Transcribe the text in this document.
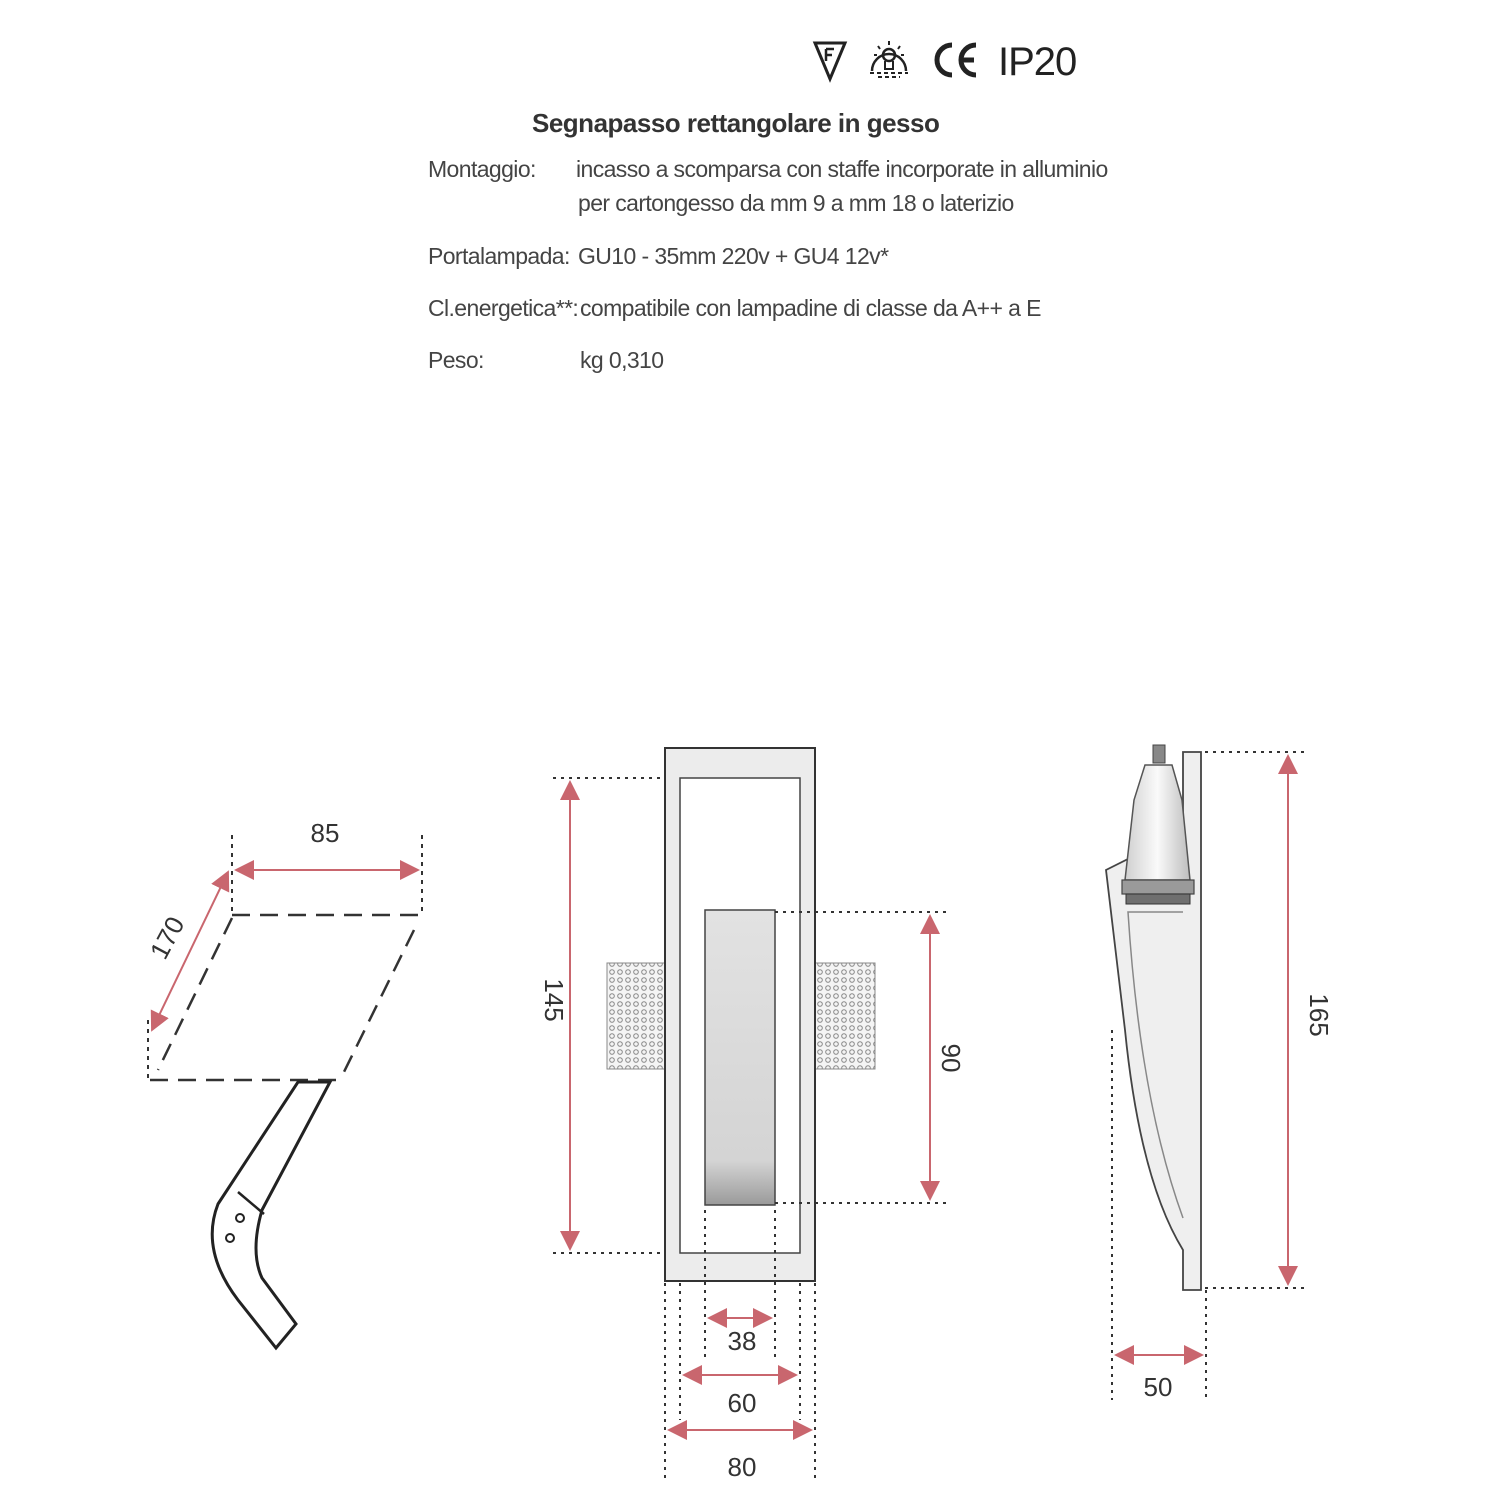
IP20
Segnapasso rettangolare in gesso
Montaggio: incasso a scomparsa con staffe incorporate in alluminio
per cartongesso da mm 9 a mm 18 o laterizio
Portalampada: GU10 - 35mm 220v + GU4 12v*
Cl.energetica**: compatibile con lampadine di classe da A++ a E
Peso:	kg 0,310
85
170
145
90
38
60
80
165
50
